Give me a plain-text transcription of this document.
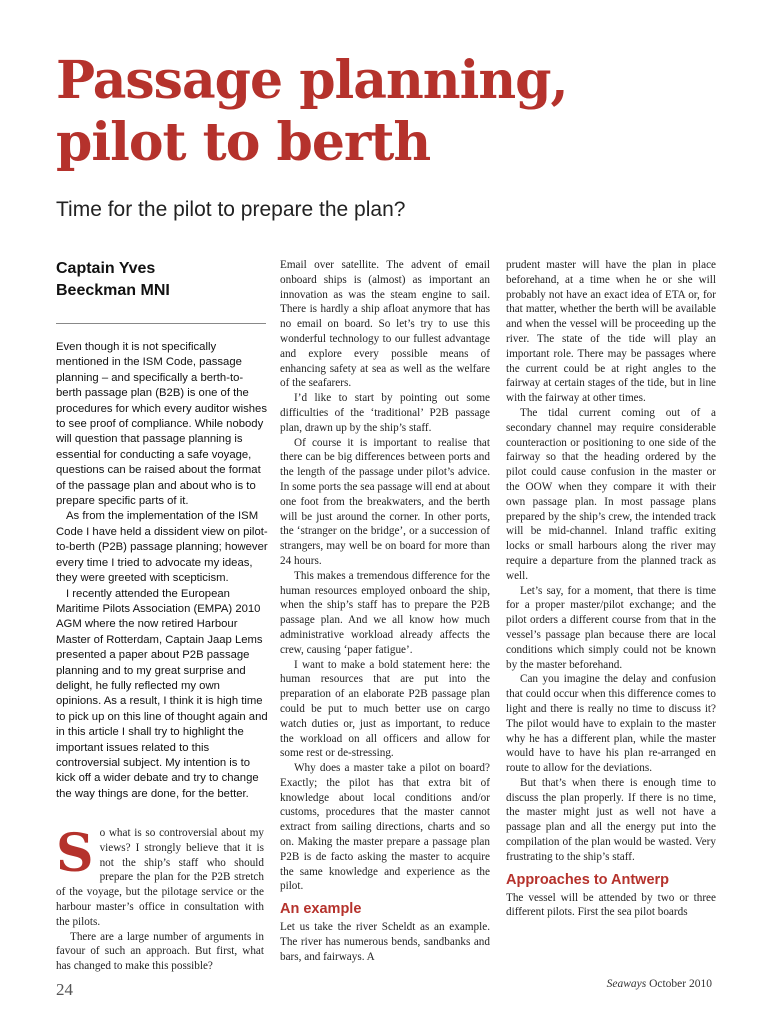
Passage planning,
pilot to berth
Time for the pilot to prepare the plan?
Captain Yves
Beeckman MNI

Even though it is not specifically mentioned in the ISM Code, passage planning – and specifically a berth-to-berth passage plan (B2B) is one of the procedures for which every auditor wishes to see proof of compliance. While nobody will question that passage planning is essential for conducting a safe voyage, questions can be raised about the format of the passage plan and about who is to prepare specific parts of it.

As from the implementation of the ISM Code I have held a dissident view on pilot-to-berth (P2B) passage planning; however every time I tried to advocate my ideas, they were greeted with scepticism.

I recently attended the European Maritime Pilots Association (EMPA) 2010 AGM where the now retired Harbour Master of Rotterdam, Captain Jaap Lems presented a paper about P2B passage planning and to my great surprise and delight, he fully reflected my own opinions. As a result, I think it is high time to pick up on this line of thought again and in this article I shall try to highlight the important issues related to this controversial subject. My intention is to kick off a wider debate and try to change the way things are done, for the better.

So what is so controversial about my views? I strongly believe that it is not the ship’s staff who should prepare the plan for the P2B stretch of the voyage, but the pilotage service or the harbour master’s office in consultation with the pilots.

There are a large number of arguments in favour of such an approach. But first, what has changed to make this possible?

Email over satellite. The advent of email onboard ships is (almost) as important an innovation as was the steam engine to sail. There is hardly a ship afloat anymore that has no email on board. So let’s try to use this wonderful technology to our fullest advantage and explore every possible means of enhancing safety at sea as well as the welfare of the seafarers.

I’d like to start by pointing out some difficulties of the ‘traditional’ P2B passage plan, drawn up by the ship’s staff.

Of course it is important to realise that there can be big differences between ports and the length of the passage under pilot’s advice. In some ports the sea passage will end at about one foot from the breakwaters, and the berth will be just around the corner. In other ports, the ‘stranger on the bridge’, or a succession of strangers, may well be on board for more than 24 hours.

This makes a tremendous difference for the human resources employed onboard the ship, when the ship’s staff has to prepare the P2B passage plan. And we all know how much administrative workload already affects the crew, causing ‘paper fatigue’.

I want to make a bold statement here: the human resources that are put into the preparation of an elaborate P2B passage plan could be put to much better use on cargo watch duties or, just as important, to reduce the workload on all officers and allow for some rest or de-stressing.

Why does a master take a pilot on board? Exactly; the pilot has that extra bit of knowledge about local conditions and/or customs, procedures that the master cannot extract from sailing directions, charts and so on. Making the master prepare a passage plan P2B is de facto asking the master to acquire the same knowledge and experience as the pilot.

An example

Let us take the river Scheldt as an example. The river has numerous bends, sandbanks and bars, and fairways. A

prudent master will have the plan in place beforehand, at a time when he or she will probably not have an exact idea of ETA or, for that matter, whether the berth will be available and when the vessel will be proceeding up the river. The state of the tide will play an important role. There may be passages where the current could be at right angles to the fairway at certain stages of the tide, but in line with the fairway at other times.

The tidal current coming out of a secondary channel may require considerable counteraction or positioning to one side of the fairway so that the heading ordered by the pilot could cause confusion in the master or the OOW when they compare it with their own passage plan. In most passage plans prepared by the ship’s crew, the intended track will be mid-channel. Inland traffic exiting locks or small harbours along the river may require a departure from the planned track as well.

Let’s say, for a moment, that there is time for a proper master/pilot exchange; and the pilot orders a different course from that in the vessel’s passage plan because there are local conditions which simply could not be known by the master beforehand.

Can you imagine the delay and confusion that could occur when this difference comes to light and there is really no time to discuss it? The pilot would have to explain to the master why he has a different plan, while the master would have to have his plan re-arranged en route to allow for the deviations.

But that’s when there is enough time to discuss the plan properly. If there is no time, the master might just as well not have a passage plan and all the energy put into the compilation of the plan would be wasted. Very frustrating to the ship’s staff.

Approaches to Antwerp

The vessel will be attended by two or three different pilots. First the sea pilot boards

24	Seaways October 2010
